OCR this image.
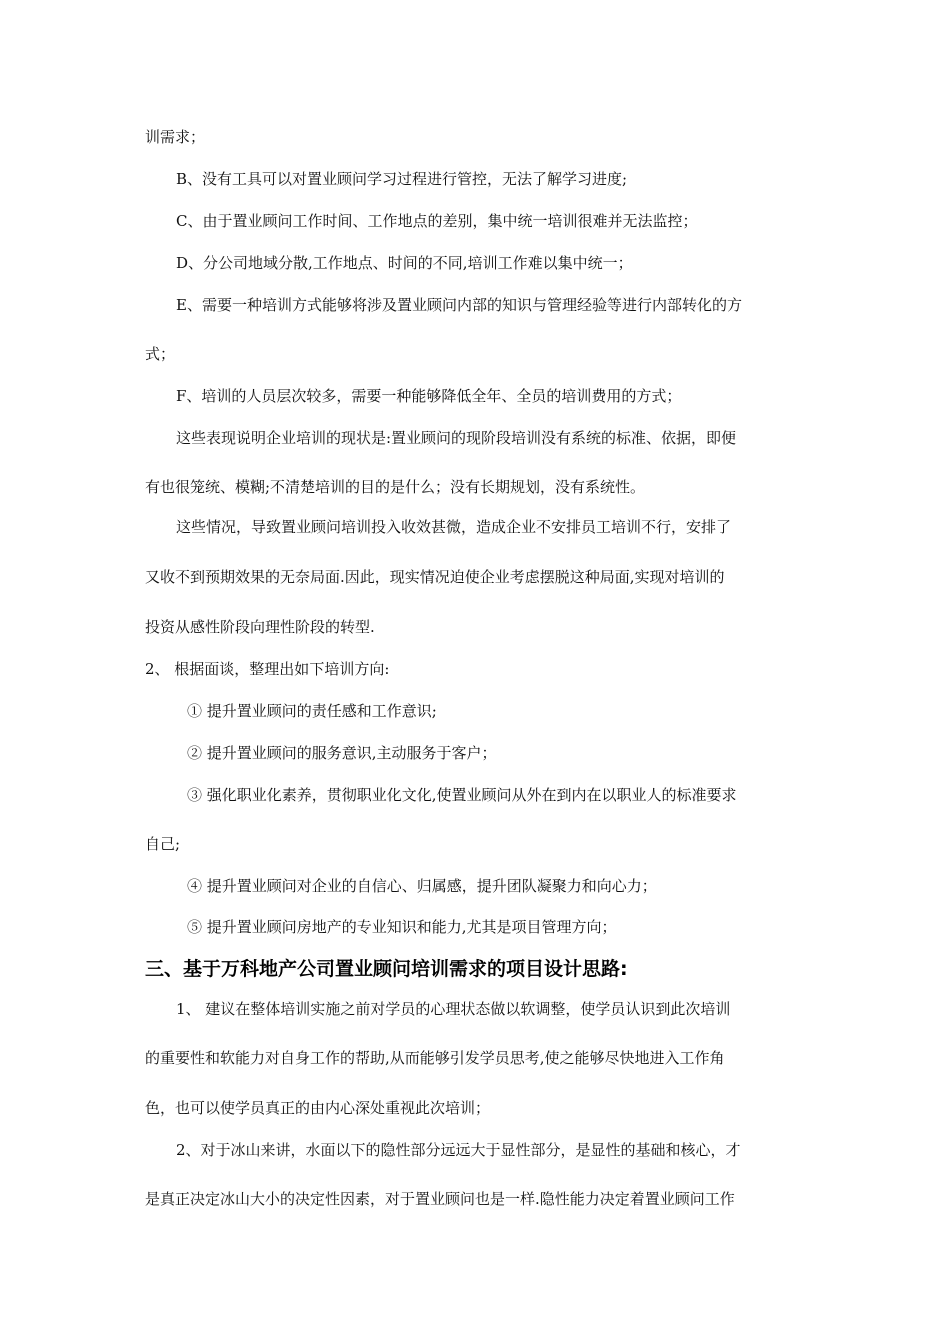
训需求；
B、没有工具可以对置业顾问学习过程进行管控，无法了解学习进度;
C、由于置业顾问工作时间、工作地点的差别，集中统一培训很难并无法监控；
D、分公司地域分散,工作地点、时间的不同,培训工作难以集中统一；
E、需要一种培训方式能够将涉及置业顾问内部的知识与管理经验等进行内部转化的方
式；
F、培训的人员层次较多，需要一种能够降低全年、全员的培训费用的方式；
这些表现说明企业培训的现状是:置业顾问的现阶段培训没有系统的标准、依据，即便
有也很笼统、模糊;不清楚培训的目的是什么；没有长期规划，没有系统性。
这些情况，导致置业顾问培训投入收效甚微，造成企业不安排员工培训不行，安排了
又收不到预期效果的无奈局面.因此，现实情况迫使企业考虑摆脱这种局面,实现对培训的
投资从感性阶段向理性阶段的转型.
2、 根据面谈，整理出如下培训方向:
① 提升置业顾问的责任感和工作意识;
② 提升置业顾问的服务意识,主动服务于客户；
③ 强化职业化素养，贯彻职业化文化,使置业顾问从外在到内在以职业人的标准要求
自己;
④ 提升置业顾问对企业的自信心、归属感，提升团队凝聚力和向心力；
⑤ 提升置业顾问房地产的专业知识和能力,尤其是项目管理方向；
三、基于万科地产公司置业顾问培训需求的项目设计思路:
1、 建议在整体培训实施之前对学员的心理状态做以软调整，使学员认识到此次培训
的重要性和软能力对自身工作的帮助,从而能够引发学员思考,使之能够尽快地进入工作角
色，也可以使学员真正的由内心深处重视此次培训；
2、对于冰山来讲，水面以下的隐性部分远远大于显性部分，是显性的基础和核心，才
是真正决定冰山大小的决定性因素，对于置业顾问也是一样.隐性能力决定着置业顾问工作
